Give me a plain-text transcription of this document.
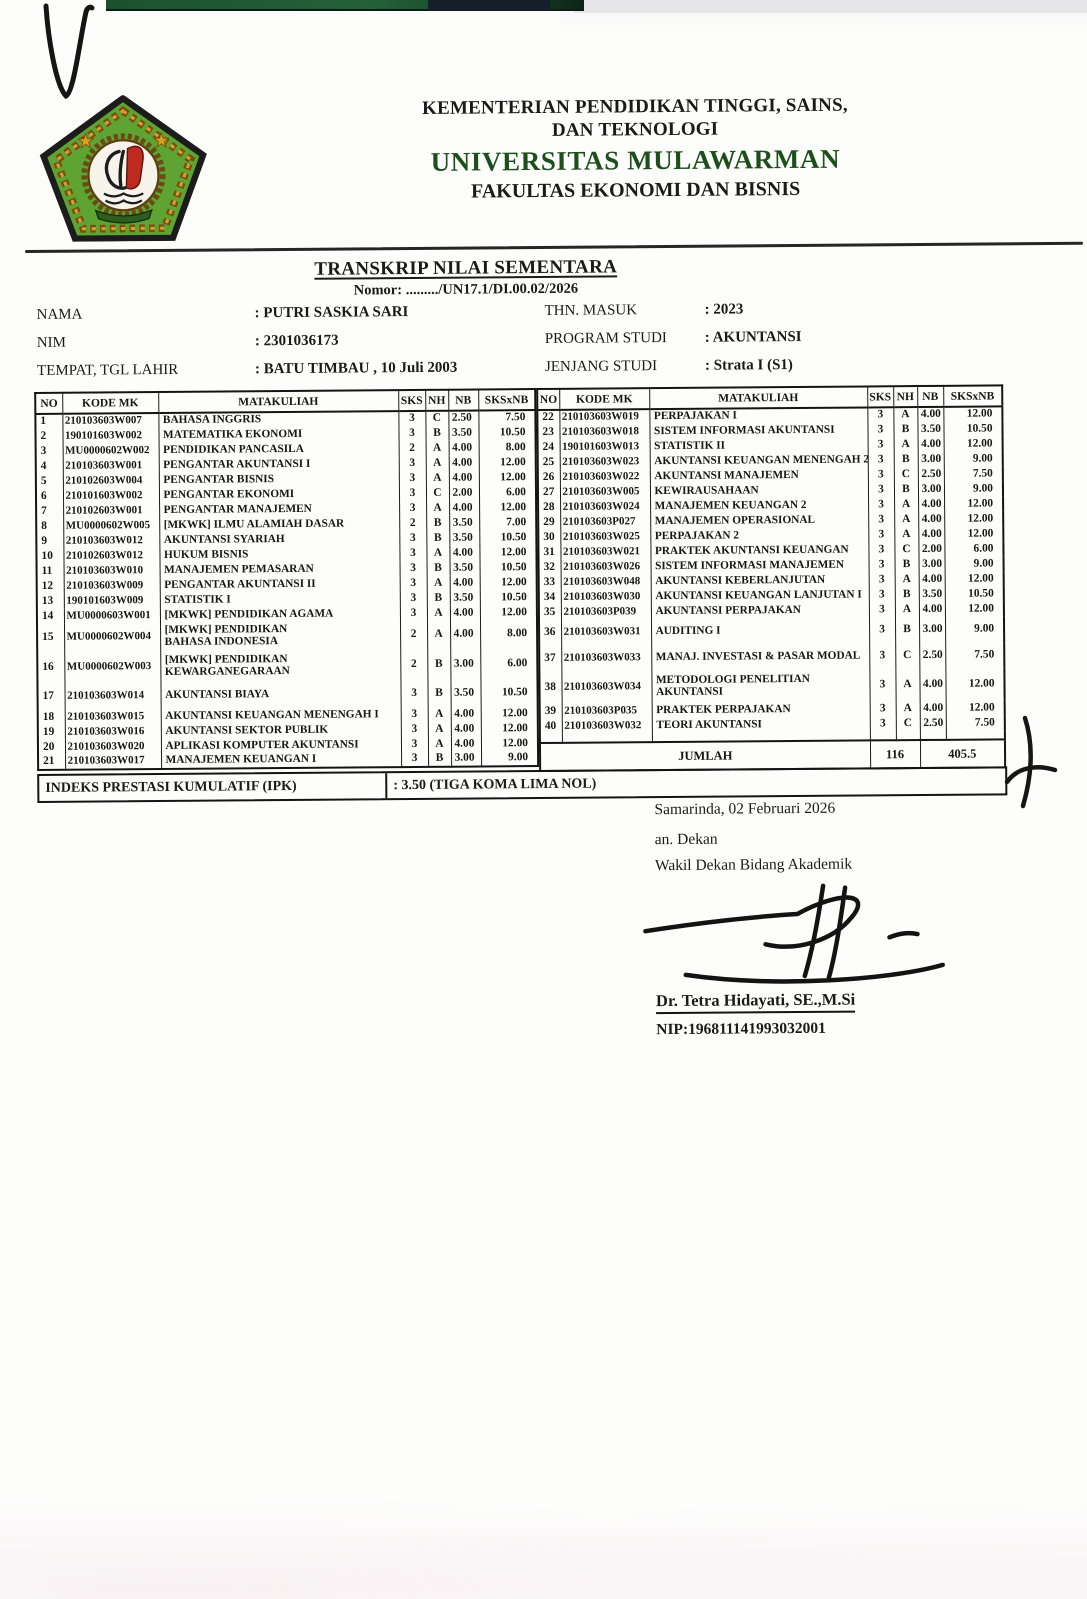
★	★
KEMENTERIAN PENDIDIKAN TINGGI, SAINS,
DAN TEKNOLOGI
UNIVERSITAS MULAWARMAN
FAKULTAS EKONOMI DAN BISNIS
TRANSKRIP NILAI SEMENTARA
Nomor: ........./UN17.1/DI.00.02/2026
NAMA	: PUTRI SASKIA SARI	THN. MASUK	: 2023
NIM	: 2301036173	PROGRAM STUDI	: AKUNTANSI
TEMPAT, TGL LAHIR	: BATU TIMBAU , 10 Juli 2003	JENJANG STUDI	: Strata I (S1)
NO	KODE MK	MATAKULIAH	SKS	NH	NB	SKSxNB
1	210103603W007	BAHASA INGGRIS	3	C	2.50	7.50
2	190101603W002	MATEMATIKA EKONOMI	3	B	3.50	10.50
3	MU0000602W002	PENDIDIKAN PANCASILA	2	A	4.00	8.00
4	210103603W001	PENGANTAR AKUNTANSI I	3	A	4.00	12.00
5	210102603W004	PENGANTAR BISNIS	3	A	4.00	12.00
6	210101603W002	PENGANTAR EKONOMI	3	C	2.00	6.00
7	210102603W001	PENGANTAR MANAJEMEN	3	A	4.00	12.00
8	MU0000602W005	[MKWK] ILMU ALAMIAH DASAR	2	B	3.50	7.00
9	210103603W012	AKUNTANSI SYARIAH	3	B	3.50	10.50
10	210102603W012	HUKUM BISNIS	3	A	4.00	12.00
11	210103603W010	MANAJEMEN PEMASARAN	3	B	3.50	10.50
12	210103603W009	PENGANTAR AKUNTANSI II	3	A	4.00	12.00
13	190101603W009	STATISTIK I	3	B	3.50	10.50
14	MU0000603W001	[MKWK] PENDIDIKAN AGAMA	3	A	4.00	12.00
15	MU0000602W004	[MKWK] PENDIDIKAN BAHASA INDONESIA	2	A	4.00	8.00
16	MU0000602W003	[MKWK] PENDIDIKAN KEWARGANEGARAAN	2	B	3.00	6.00
17	210103603W014	AKUNTANSI BIAYA	3	B	3.50	10.50
18	210103603W015	AKUNTANSI KEUANGAN MENENGAH I	3	A	4.00	12.00
19	210103603W016	AKUNTANSI SEKTOR PUBLIK	3	A	4.00	12.00
20	210103603W020	APLIKASI KOMPUTER AKUNTANSI	3	A	4.00	12.00
21	210103603W017	MANAJEMEN KEUANGAN I	3	B	3.00	9.00
22	210103603W019	PERPAJAKAN I	3	A	4.00	12.00
23	210103603W018	SISTEM INFORMASI AKUNTANSI	3	B	3.50	10.50
24	190101603W013	STATISTIK II	3	A	4.00	12.00
25	210103603W023	AKUNTANSI KEUANGAN MENENGAH 2	3	B	3.00	9.00
26	210103603W022	AKUNTANSI MANAJEMEN	3	C	2.50	7.50
27	210103603W005	KEWIRAUSAHAAN	3	B	3.00	9.00
28	210103603W024	MANAJEMEN KEUANGAN 2	3	A	4.00	12.00
29	210103603P027	MANAJEMEN OPERASIONAL	3	A	4.00	12.00
30	210103603W025	PERPAJAKAN 2	3	A	4.00	12.00
31	210103603W021	PRAKTEK AKUNTANSI KEUANGAN	3	C	2.00	6.00
32	210103603W026	SISTEM INFORMASI MANAJEMEN	3	B	3.00	9.00
33	210103603W048	AKUNTANSI KEBERLANJUTAN	3	A	4.00	12.00
34	210103603W030	AKUNTANSI KEUANGAN LANJUTAN I	3	B	3.50	10.50
35	210103603P039	AKUNTANSI PERPAJAKAN	3	A	4.00	12.00
36	210103603W031	AUDITING I	3	B	3.00	9.00
37	210103603W033	MANAJ. INVESTASI & PASAR MODAL	3	C	2.50	7.50
38	210103603W034	METODOLOGI PENELITIAN AKUNTANSI	3	A	4.00	12.00
39	210103603P035	PRAKTEK PERPAJAKAN	3	A	4.00	12.00
40	210103603W032	TEORI AKUNTANSI	3	C	2.50	7.50

JUMLAH			116		405.5	
NO	KODE MK	MATAKULIAH	SKS	NH	NB	SKSxNB
INDEKS PRESTASI KUMULATIF (IPK)	: 3.50 (TIGA KOMA LIMA NOL)
Samarinda, 02 Februari 2026
an. Dekan
Wakil Dekan Bidang Akademik
Dr. Tetra Hidayati, SE.,M.Si
NIP:196811141993032001
